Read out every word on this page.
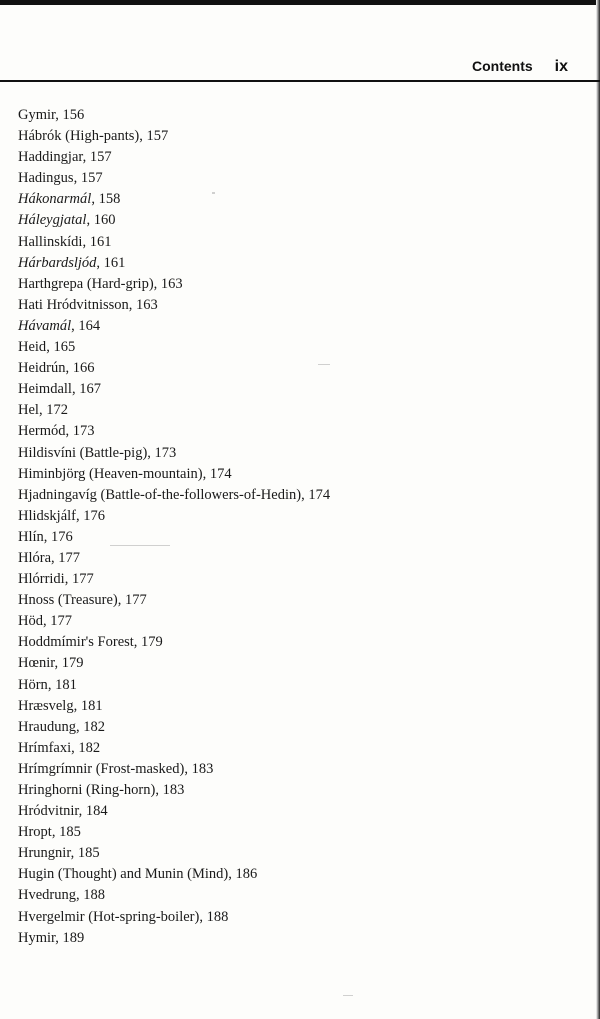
Contents ix
Gymir, 156
Hábrók (High-pants), 157
Haddingjar, 157
Hadingus, 157
Hákonarmál, 158
Háleygjatal, 160
Hallinskídi, 161
Hárbardsljód, 161
Harthgrepa (Hard-grip), 163
Hati Hródvitnisson, 163
Hávamál, 164
Heid, 165
Heidrún, 166
Heimdall, 167
Hel, 172
Hermód, 173
Hildisvíni (Battle-pig), 173
Himinbjörg (Heaven-mountain), 174
Hjadningavíg (Battle-of-the-followers-of-Hedin), 174
Hlidskjálf, 176
Hlín, 176
Hlóra, 177
Hlórridi, 177
Hnoss (Treasure), 177
Höd, 177
Hoddmímir's Forest, 179
Hœnir, 179
Hörn, 181
Hræsvelg, 181
Hraudung, 182
Hrímfaxi, 182
Hrímgrímnir (Frost-masked), 183
Hringhorni (Ring-horn), 183
Hródvitnir, 184
Hropt, 185
Hrungnir, 185
Hugin (Thought) and Munin (Mind), 186
Hvedrung, 188
Hvergelmir (Hot-spring-boiler), 188
Hymir, 189
